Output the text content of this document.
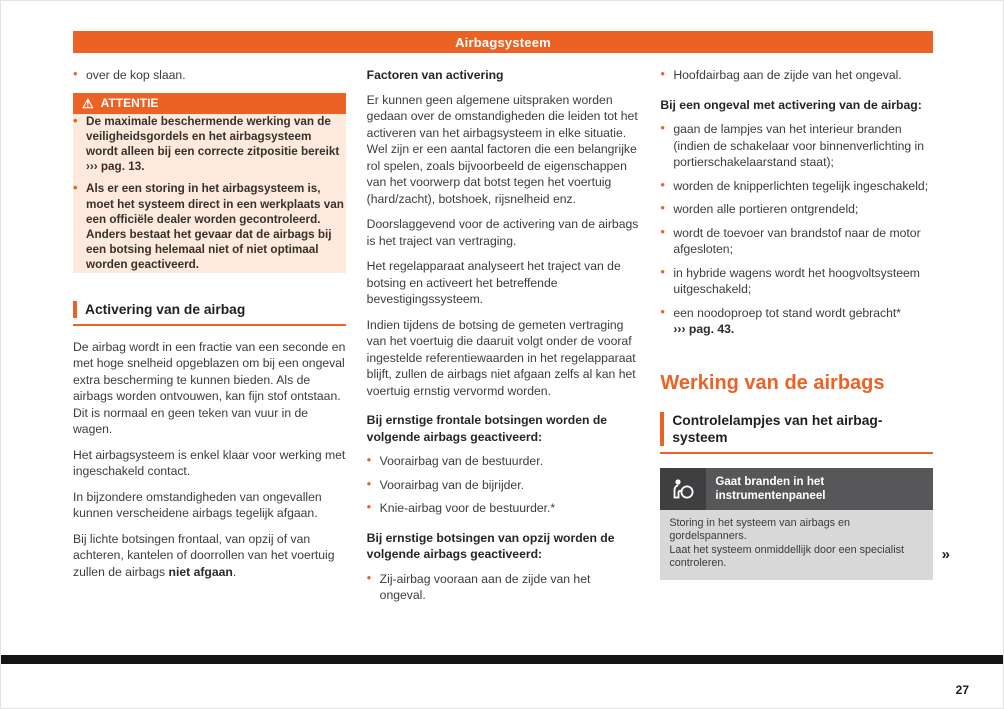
Airbagsysteem
• over de kop slaan.
⚠ ATTENTIE
• De maximale beschermende werking van de veiligheidsgordels en het airbagsysteem wordt alleen bij een correcte zitpositie bereikt ››› pag. 13.
• Als er een storing in het airbagsysteem is, moet het systeem direct in een werkplaats van een officiële dealer worden gecontroleerd. Anders bestaat het gevaar dat de airbags bij een botsing helemaal niet of niet optimaal worden geactiveerd.
Activering van de airbag

De airbag wordt in een fractie van een seconde en met hoge snelheid opgeblazen om bij een ongeval extra bescherming te kunnen bieden. Als de airbags worden ontvouwen, kan fijn stof ontstaan. Dit is normaal en geen teken van vuur in de wagen.

Het airbagsysteem is enkel klaar voor werking met ingeschakeld contact.

In bijzondere omstandigheden van ongevallen kunnen verscheidene airbags tegelijk afgaan.

Bij lichte botsingen frontaal, van opzij of van achteren, kantelen of doorrollen van het voertuig zullen de airbags niet afgaan.

Factoren van activering

Er kunnen geen algemene uitspraken worden gedaan over de omstandigheden die leiden tot het activeren van het airbagsysteem in elke situatie. Wel zijn er een aantal factoren die een belangrijke rol spelen, zoals bijvoorbeeld de eigenschappen van het voorwerp dat botst tegen het voertuig (hard/zacht), botshoek, rijsnelheid enz.

Doorslaggevend voor de activering van de airbags is het traject van vertraging.

Het regelapparaat analyseert het traject van de botsing en activeert het betreffende bevestigingssysteem.

Indien tijdens de botsing de gemeten vertraging van het voertuig die daaruit volgt onder de vooraf ingestelde referentiewaarden in het regelapparaat blijft, zullen de airbags niet afgaan zelfs al kan het voertuig ernstig vervormd worden.

Bij ernstige frontale botsingen worden de volgende airbags geactiveerd:
• Voorairbag van de bestuurder.
• Voorairbag van de bijrijder.
• Knie-airbag voor de bestuurder.*
Bij ernstige botsingen van opzij worden de volgende airbags geactiveerd:
• Zij-airbag vooraan aan de zijde van het ongeval.
• Hoofdairbag aan de zijde van het ongeval.
Bij een ongeval met activering van de airbag:
• gaan de lampjes van het interieur branden (indien de schakelaar voor binnenverlichting in portierschakelaarstand staat);
• worden de knipperlichten tegelijk ingeschakeld;
• worden alle portieren ontgrendeld;
• wordt de toevoer van brandstof naar de motor afgesloten;
• in hybride wagens wordt het hoogvoltsysteem uitgeschakeld;
• een noodoproep tot stand wordt gebracht* ››› pag. 43.
Werking van de airbags
Controlelampjes van het airbag-systeem
Gaat branden in het instrumentenpaneel
Storing in het systeem van airbags en gordelspanners.
Laat het systeem onmiddellijk door een specialist controleren.	»
27
